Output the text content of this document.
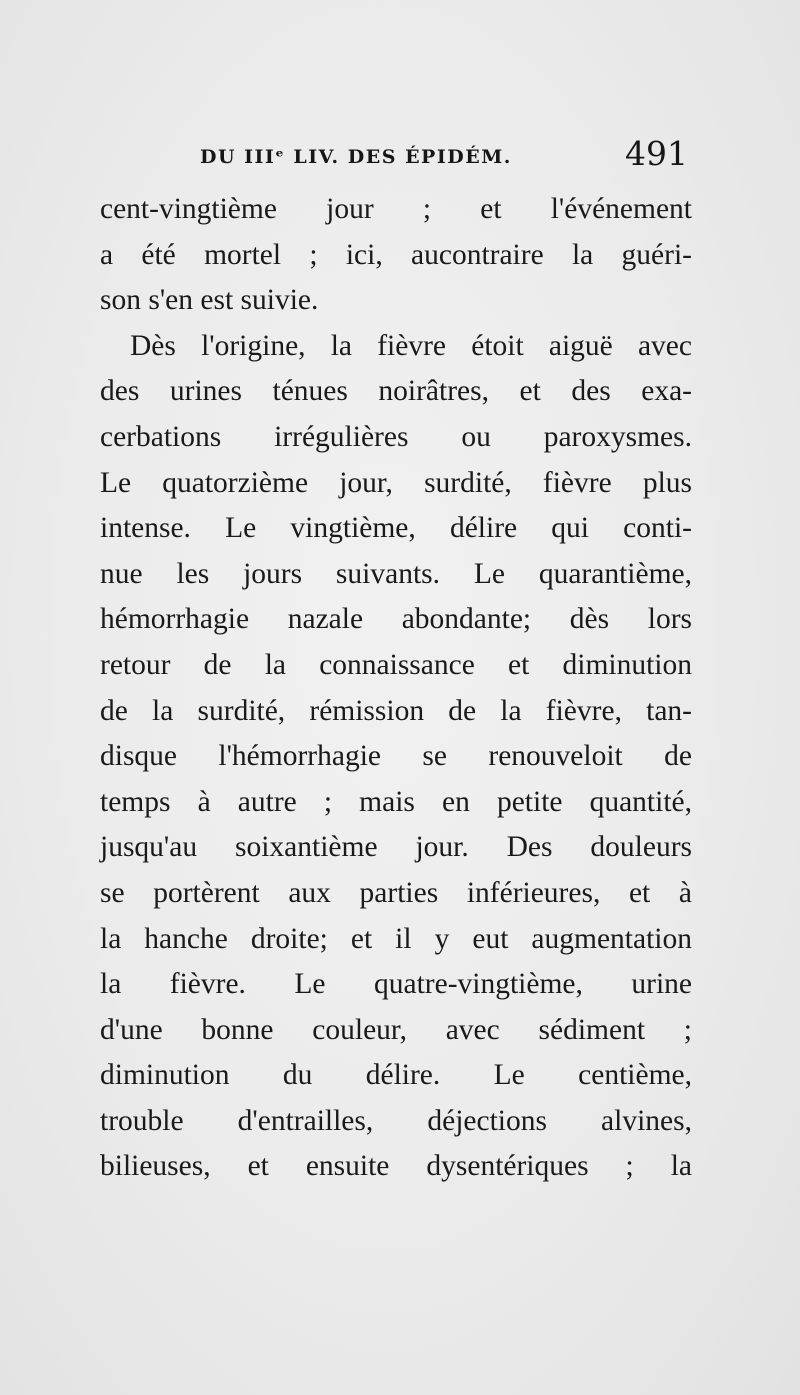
DU IIIᵉ LIV. DES ÉPIDÉM.	491
cent-vingtième jour ; et l'événement
a été mortel ; ici, aucontraire la guéri-
son s'en est suivie.
Dès l'origine, la fièvre étoit aiguë avec
des urines ténues noirâtres, et des exa-
cerbations irrégulières ou paroxysmes.
Le quatorzième jour, surdité, fièvre plus
intense. Le vingtième, délire qui conti-
nue les jours suivants. Le quarantième,
hémorrhagie nazale abondante; dès lors
retour de la connaissance et diminution
de la surdité, rémission de la fièvre, tan-
disque l'hémorrhagie se renouveloit de
temps à autre ; mais en petite quantité,
jusqu'au soixantième jour. Des douleurs
se portèrent aux parties inférieures, et à
la hanche droite; et il y eut augmentation
la fièvre. Le quatre-vingtième, urine
d'une bonne couleur, avec sédiment ;
diminution du délire. Le centième,
trouble d'entrailles, déjections alvines,
bilieuses, et ensuite dysentériques ; la
